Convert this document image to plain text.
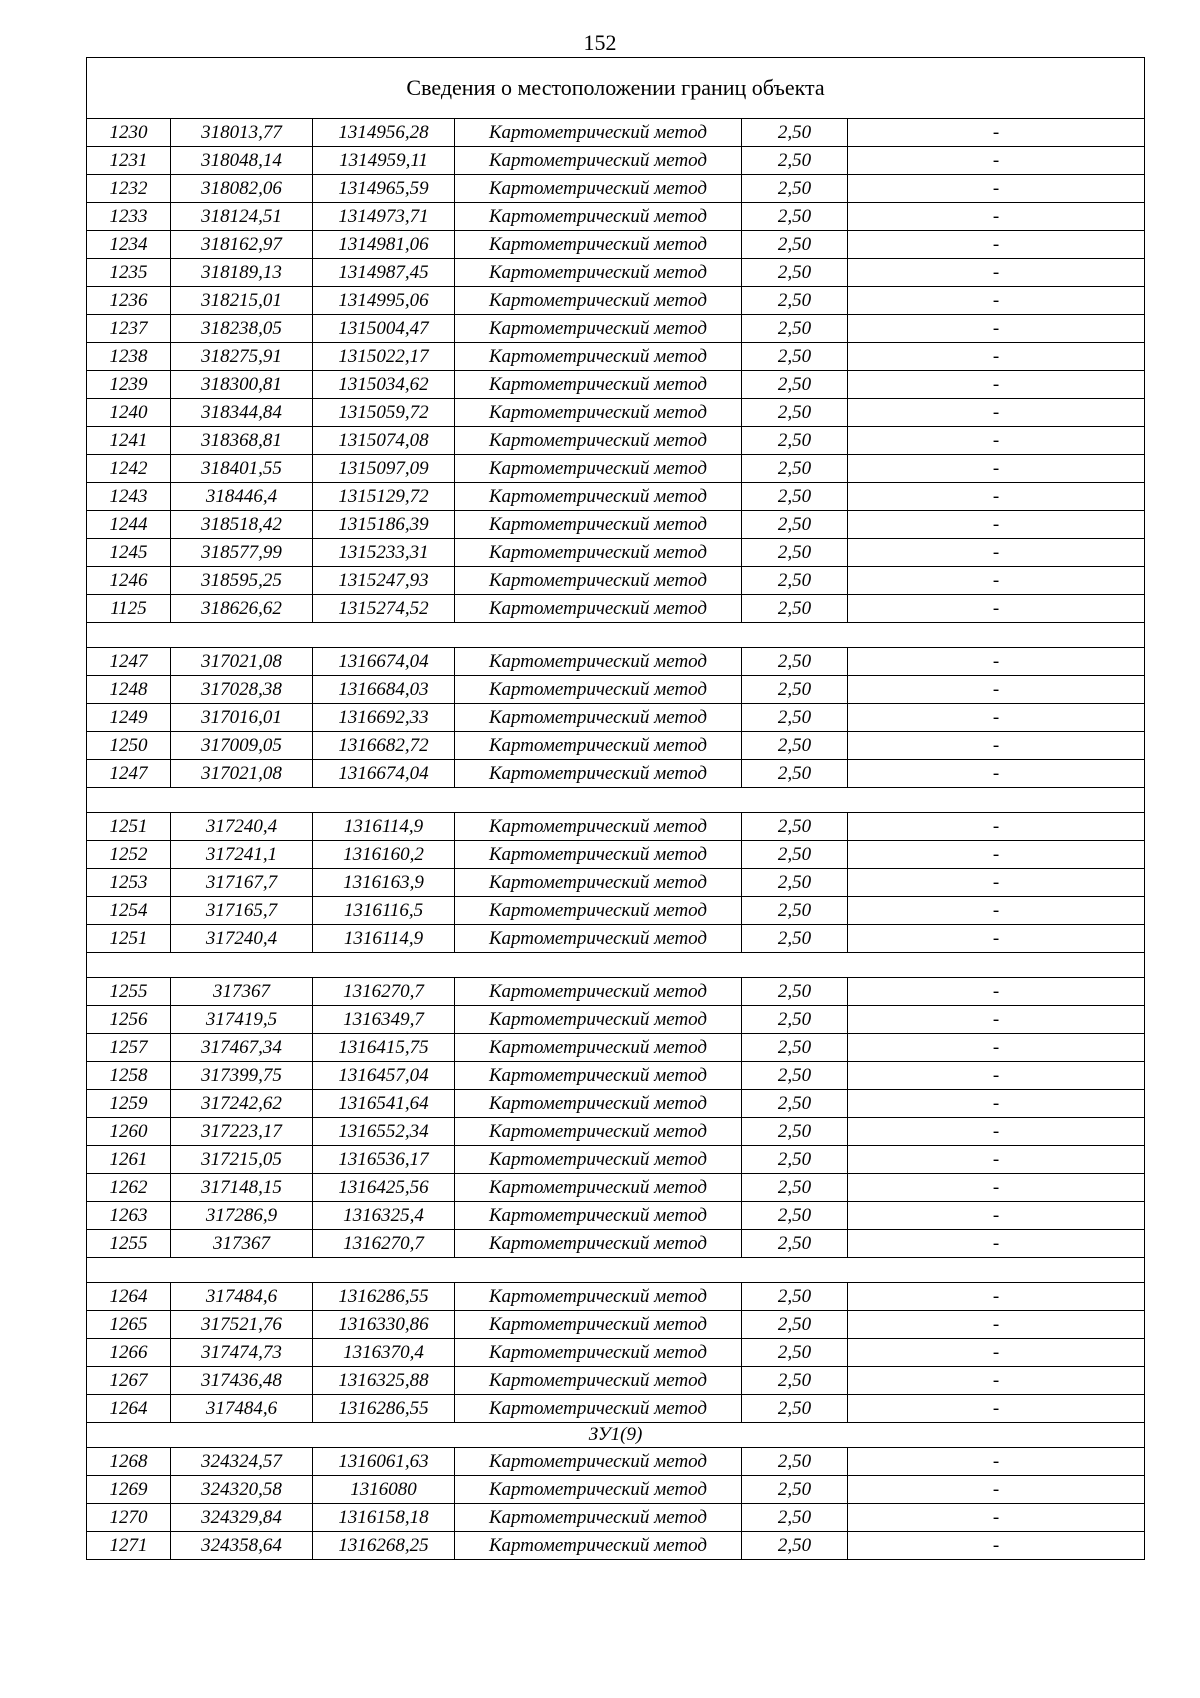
152
Сведения о местоположении границ объекта					
1230	318013,77	1314956,28	Картометрический метод	2,50	-
1231	318048,14	1314959,11	Картометрический метод	2,50	-
1232	318082,06	1314965,59	Картометрический метод	2,50	-
1233	318124,51	1314973,71	Картометрический метод	2,50	-
1234	318162,97	1314981,06	Картометрический метод	2,50	-
1235	318189,13	1314987,45	Картометрический метод	2,50	-
1236	318215,01	1314995,06	Картометрический метод	2,50	-
1237	318238,05	1315004,47	Картометрический метод	2,50	-
1238	318275,91	1315022,17	Картометрический метод	2,50	-
1239	318300,81	1315034,62	Картометрический метод	2,50	-
1240	318344,84	1315059,72	Картометрический метод	2,50	-
1241	318368,81	1315074,08	Картометрический метод	2,50	-
1242	318401,55	1315097,09	Картометрический метод	2,50	-
1243	318446,4	1315129,72	Картометрический метод	2,50	-
1244	318518,42	1315186,39	Картометрический метод	2,50	-
1245	318577,99	1315233,31	Картометрический метод	2,50	-
1246	318595,25	1315247,93	Картометрический метод	2,50	-
1125	318626,62	1315274,52	Картометрический метод	2,50	-

1247	317021,08	1316674,04	Картометрический метод	2,50	-
1248	317028,38	1316684,03	Картометрический метод	2,50	-
1249	317016,01	1316692,33	Картометрический метод	2,50	-
1250	317009,05	1316682,72	Картометрический метод	2,50	-
1247	317021,08	1316674,04	Картометрический метод	2,50	-

1251	317240,4	1316114,9	Картометрический метод	2,50	-
1252	317241,1	1316160,2	Картометрический метод	2,50	-
1253	317167,7	1316163,9	Картометрический метод	2,50	-
1254	317165,7	1316116,5	Картометрический метод	2,50	-
1251	317240,4	1316114,9	Картометрический метод	2,50	-

1255	317367	1316270,7	Картометрический метод	2,50	-
1256	317419,5	1316349,7	Картометрический метод	2,50	-
1257	317467,34	1316415,75	Картометрический метод	2,50	-
1258	317399,75	1316457,04	Картометрический метод	2,50	-
1259	317242,62	1316541,64	Картометрический метод	2,50	-
1260	317223,17	1316552,34	Картометрический метод	2,50	-
1261	317215,05	1316536,17	Картометрический метод	2,50	-
1262	317148,15	1316425,56	Картометрический метод	2,50	-
1263	317286,9	1316325,4	Картометрический метод	2,50	-
1255	317367	1316270,7	Картометрический метод	2,50	-

1264	317484,6	1316286,55	Картометрический метод	2,50	-
1265	317521,76	1316330,86	Картометрический метод	2,50	-
1266	317474,73	1316370,4	Картометрический метод	2,50	-
1267	317436,48	1316325,88	Картометрический метод	2,50	-
1264	317484,6	1316286,55	Картометрический метод	2,50	-
ЗУ1(9)					
1268	324324,57	1316061,63	Картометрический метод	2,50	-
1269	324320,58	1316080	Картометрический метод	2,50	-
1270	324329,84	1316158,18	Картометрический метод	2,50	-
1271	324358,64	1316268,25	Картометрический метод	2,50	-
